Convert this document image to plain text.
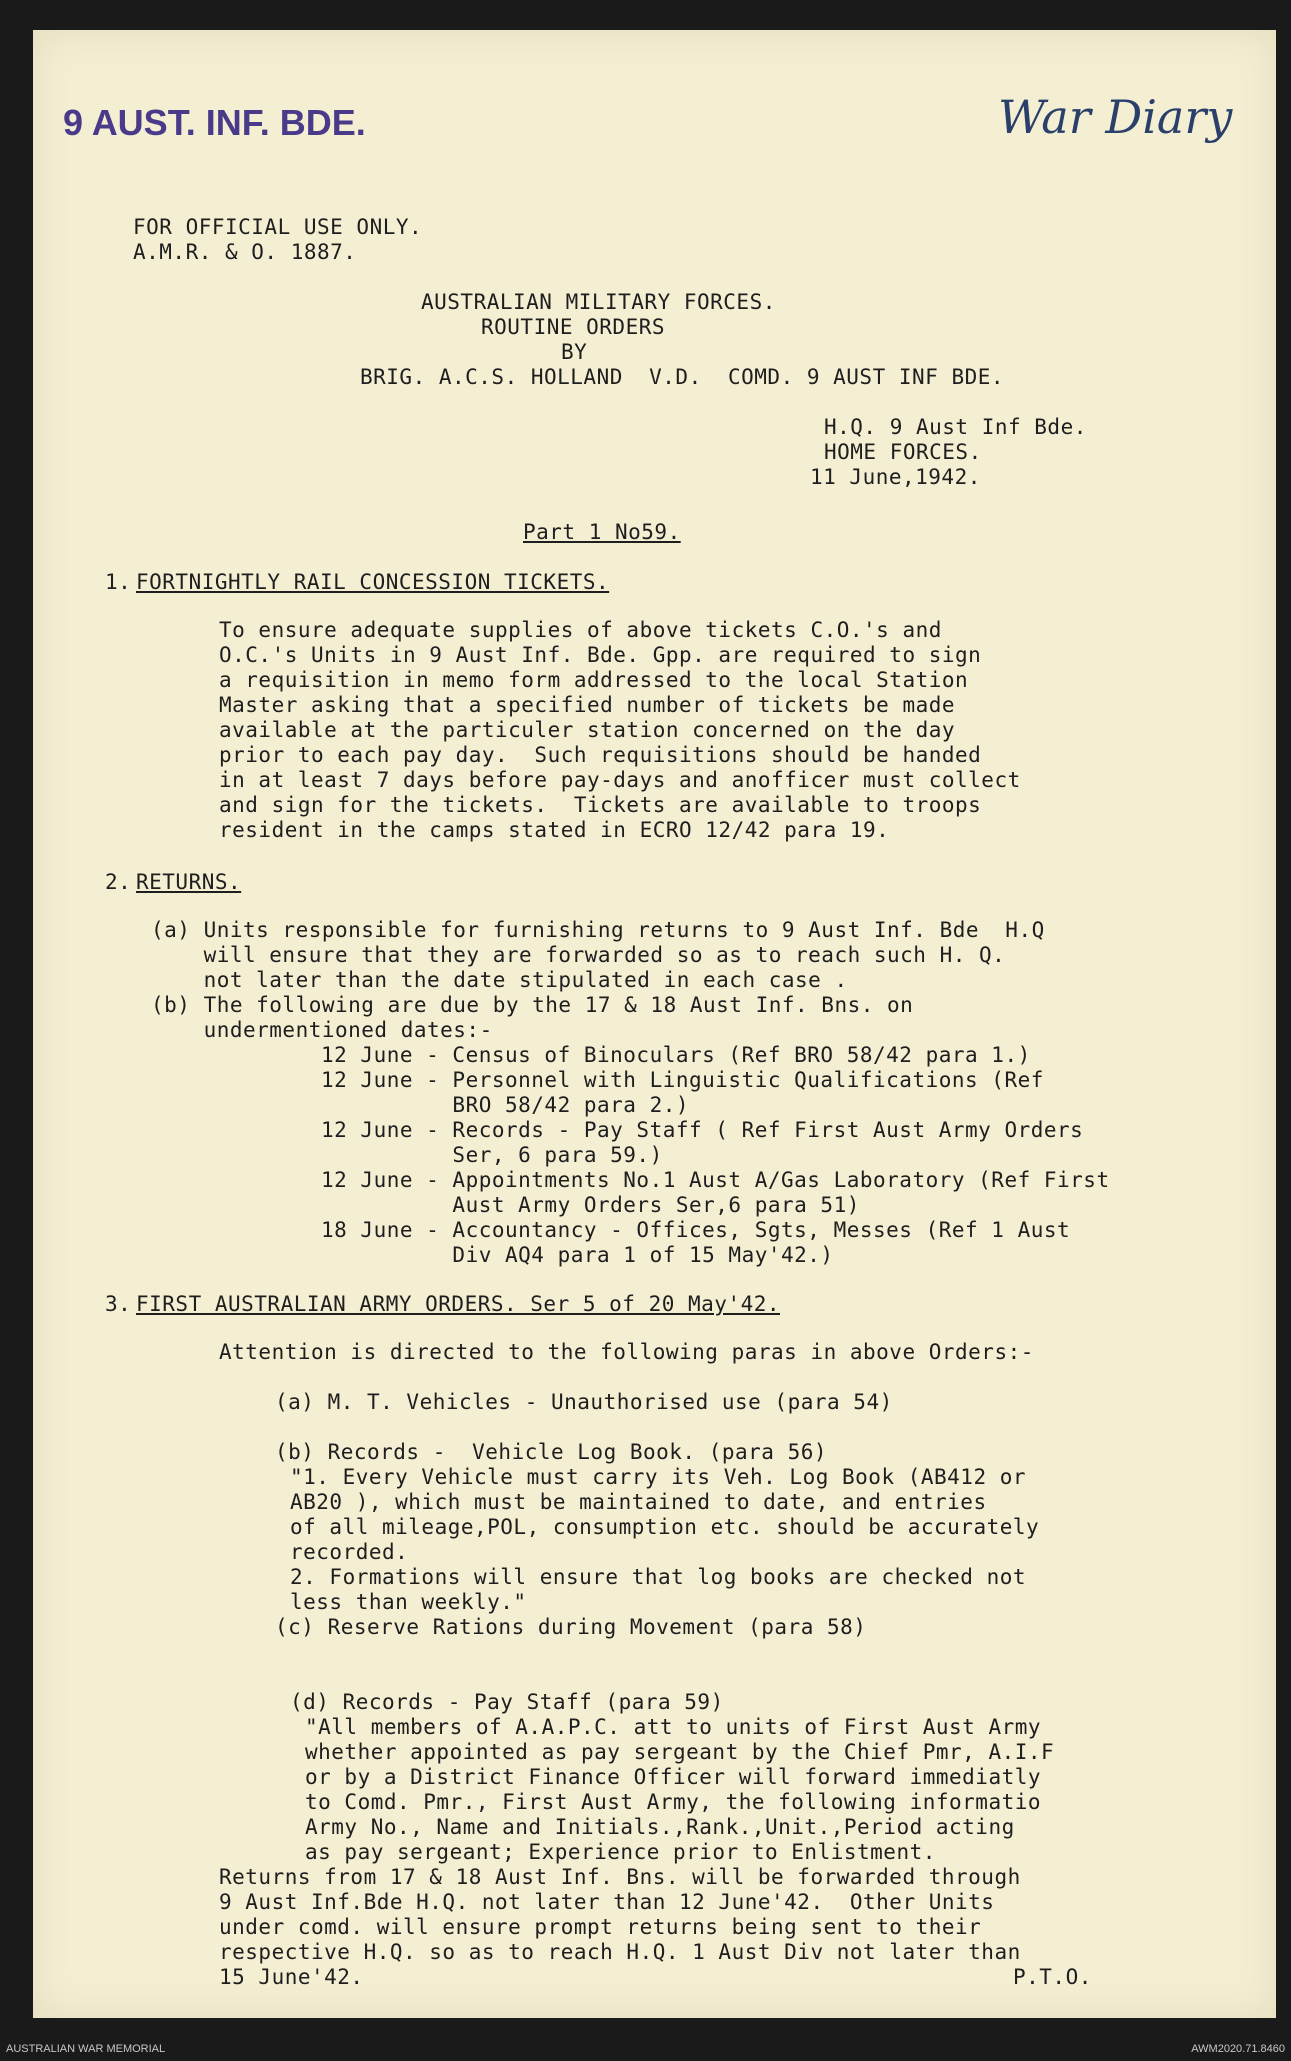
9 AUST. INF. BDE.	War Diary
FOR OFFICIAL USE ONLY.
A.M.R. & O. 1887.
AUSTRALIAN MILITARY FORCES.
ROUTINE ORDERS
BY
BRIG. A.C.S. HOLLAND  V.D.  COMD. 9 AUST INF BDE.
H.Q. 9 Aust Inf Bde.
HOME FORCES.
11 June,1942.
Part 1 No59.
1. FORTNIGHTLY RAIL CONCESSION TICKETS.
To ensure adequate supplies of above tickets C.O.'s and
O.C.'s Units in 9 Aust Inf. Bde. Gpp. are required to sign
a requisition in memo form addressed to the local Station
Master asking that a specified number of tickets be made
available at the particuler station concerned on the day
prior to each pay day.  Such requisitions should be handed
in at least 7 days before pay-days and anofficer must collect
and sign for the tickets.  Tickets are available to troops
resident in the camps stated in ECRO 12/42 para 19.
2. RETURNS.
(a) Units responsible for furnishing returns to 9 Aust Inf. Bde  H.Q
will ensure that they are forwarded so as to reach such H. Q.
not later than the date stipulated in each case .
(b) The following are due by the 17 & 18 Aust Inf. Bns. on
undermentioned dates:-
12 June - Census of Binoculars (Ref BRO 58/42 para 1.)
12 June - Personnel with Linguistic Qualifications (Ref
BRO 58/42 para 2.)
12 June - Records - Pay Staff ( Ref First Aust Army Orders
Ser, 6 para 59.)
12 June - Appointments No.1 Aust A/Gas Laboratory (Ref First
Aust Army Orders Ser,6 para 51)
18 June - Accountancy - Offices, Sgts, Messes (Ref 1 Aust
Div AQ4 para 1 of 15 May'42.)
3. FIRST AUSTRALIAN ARMY ORDERS. Ser 5 of 20 May'42.
Attention is directed to the following paras in above Orders:-
(a) M. T. Vehicles - Unauthorised use (para 54)
(b) Records -  Vehicle Log Book. (para 56)
"1. Every Vehicle must carry its Veh. Log Book (AB412 or
AB20 ), which must be maintained to date, and entries
of all mileage,POL, consumption etc. should be accurately
recorded.
2. Formations will ensure that log books are checked not
less than weekly."
(c) Reserve Rations during Movement (para 58)
(d) Records - Pay Staff (para 59)
"All members of A.A.P.C. att to units of First Aust Army
whether appointed as pay sergeant by the Chief Pmr, A.I.F
or by a District Finance Officer will forward immediatly
to Comd. Pmr., First Aust Army, the following informatio
Army No., Name and Initials.,Rank.,Unit.,Period acting
as pay sergeant; Experience prior to Enlistment.
Returns from 17 & 18 Aust Inf. Bns. will be forwarded through
9 Aust Inf.Bde H.Q. not later than 12 June'42.  Other Units
under comd. will ensure prompt returns being sent to their
respective H.Q. so as to reach H.Q. 1 Aust Div not later than
15 June'42.	P.T.O.
AUSTRALIAN WAR MEMORIAL	AWM2020.71.8460
